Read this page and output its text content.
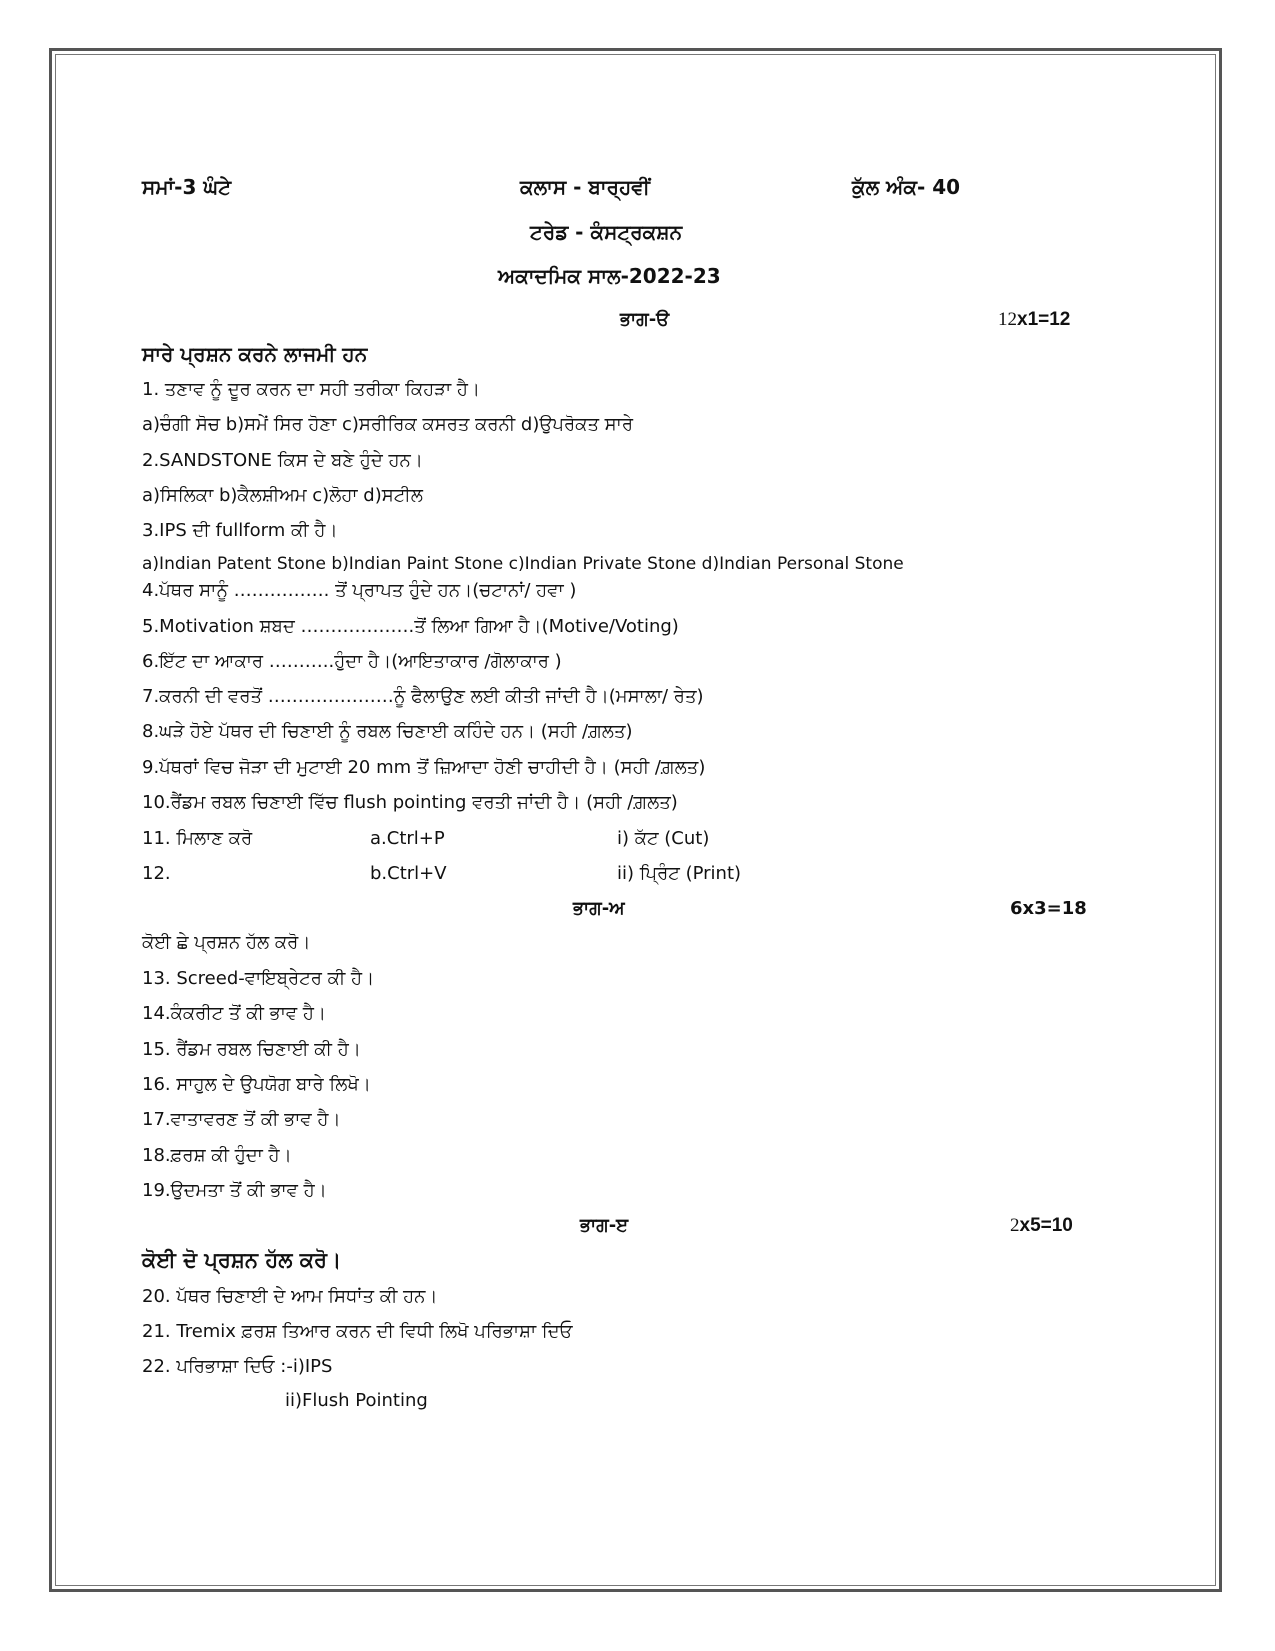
ਸਮਾਂ-3 ਘੰਟੇ	ਕਲਾਸ - ਬਾਰ੍ਹਵੀਂ	ਕੁੱਲ ਅੰਕ- 40
ਟਰੇਡ - ਕੰਸਟ੍ਰਕਸ਼ਨ
ਅਕਾਦਮਿਕ ਸਾਲ-2022-23
ਭਾਗ-ੳ	12x1=12
ਸਾਰੇ ਪ੍ਰਸ਼ਨ ਕਰਨੇ ਲਾਜਮੀ ਹਨ
1. ਤਣਾਵ ਨੂੰ ਦੂਰ ਕਰਨ ਦਾ ਸਹੀ ਤਰੀਕਾ ਕਿਹੜਾ ਹੈ।
a)ਚੰਗੀ ਸੋਚ b)ਸਮੇਂ ਸਿਰ ਹੋਣਾ c)ਸਰੀਰਿਕ ਕਸਰਤ ਕਰਨੀ d)ਉਪਰੋਕਤ ਸਾਰੇ
2.SANDSTONE ਕਿਸ ਦੇ ਬਣੇ ਹੁੰਦੇ ਹਨ।
a)ਸਿਲਿਕਾ b)ਕੈਲਸ਼ੀਅਮ c)ਲੋਹਾ d)ਸਟੀਲ
3.IPS ਦੀ fullform ਕੀ ਹੈ।
a)Indian Patent Stone b)Indian Paint Stone c)Indian Private Stone d)Indian Personal Stone
4.ਪੱਥਰ ਸਾਨੂੰ ……………. ਤੋਂ ਪ੍ਰਾਪਤ ਹੁੰਦੇ ਹਨ।(ਚਟਾਨਾਂ/ ਹਵਾ )
5.Motivation ਸ਼ਬਦ ……………….ਤੋਂ ਲਿਆ ਗਿਆ ਹੈ।(Motive/Voting)
6.ਇੱਟ ਦਾ ਆਕਾਰ ………..ਹੁੰਦਾ ਹੈ।(ਆਇਤਾਕਾਰ /ਗੋਲਾਕਾਰ )
7.ਕਰਨੀ ਦੀ ਵਰਤੋਂ …………………ਨੂੰ ਫੈਲਾਉਣ ਲਈ ਕੀਤੀ ਜਾਂਦੀ ਹੈ।(ਮਸਾਲਾ/ ਰੇਤ)
8.ਘੜੇ ਹੋਏ ਪੱਥਰ ਦੀ ਚਿਣਾਈ ਨੂੰ ਰਬਲ ਚਿਣਾਈ ਕਹਿੰਦੇ ਹਨ। (ਸਹੀ /ਗ਼ਲਤ)
9.ਪੱਥਰਾਂ ਵਿਚ ਜੋੜਾ ਦੀ ਮੁਟਾਈ 20 mm ਤੋਂ ਜ਼ਿਆਦਾ ਹੋਣੀ ਚਾਹੀਦੀ ਹੈ। (ਸਹੀ /ਗ਼ਲਤ)
10.ਰੈਂਡਮ ਰਬਲ ਚਿਣਾਈ ਵਿੱਚ flush pointing ਵਰਤੀ ਜਾਂਦੀ ਹੈ। (ਸਹੀ /ਗ਼ਲਤ)
11. ਮਿਲਾਣ ਕਰੋ	a.Ctrl+P	i) ਕੱਟ (Cut)
12.	b.Ctrl+V	ii) ਪ੍ਰਿੰਟ (Print)
ਭਾਗ-ਅ	6x3=18
ਕੋਈ ਛੇ ਪ੍ਰਸ਼ਨ ਹੱਲ ਕਰੋ।
13. Screed-ਵਾਇਬ੍ਰੇਟਰ ਕੀ ਹੈ।
14.ਕੰਕਰੀਟ ਤੋਂ ਕੀ ਭਾਵ ਹੈ।
15. ਰੈਂਡਮ ਰਬਲ ਚਿਣਾਈ ਕੀ ਹੈ।
16. ਸਾਹੁਲ ਦੇ ਉਪਯੋਗ ਬਾਰੇ ਲਿਖੋ।
17.ਵਾਤਾਵਰਣ ਤੋਂ ਕੀ ਭਾਵ ਹੈ।
18.ਫ਼ਰਸ਼ ਕੀ ਹੁੰਦਾ ਹੈ।
19.ਉਦਮਤਾ ਤੋਂ ਕੀ ਭਾਵ ਹੈ।
ਭਾਗ-ੲ	2x5=10
ਕੋਈ ਦੋ ਪ੍ਰਸ਼ਨ ਹੱਲ ਕਰੋ।
20. ਪੱਥਰ ਚਿਣਾਈ ਦੇ ਆਮ ਸਿਧਾਂਤ ਕੀ ਹਨ।
21. Tremix ਫ਼ਰਸ਼ ਤਿਆਰ ਕਰਨ ਦੀ ਵਿਧੀ ਲਿਖੋ ਪਰਿਭਾਸ਼ਾ ਦਿਓ
22. ਪਰਿਭਾਸ਼ਾ ਦਿਓ :-i)IPS
ii)Flush Pointing
